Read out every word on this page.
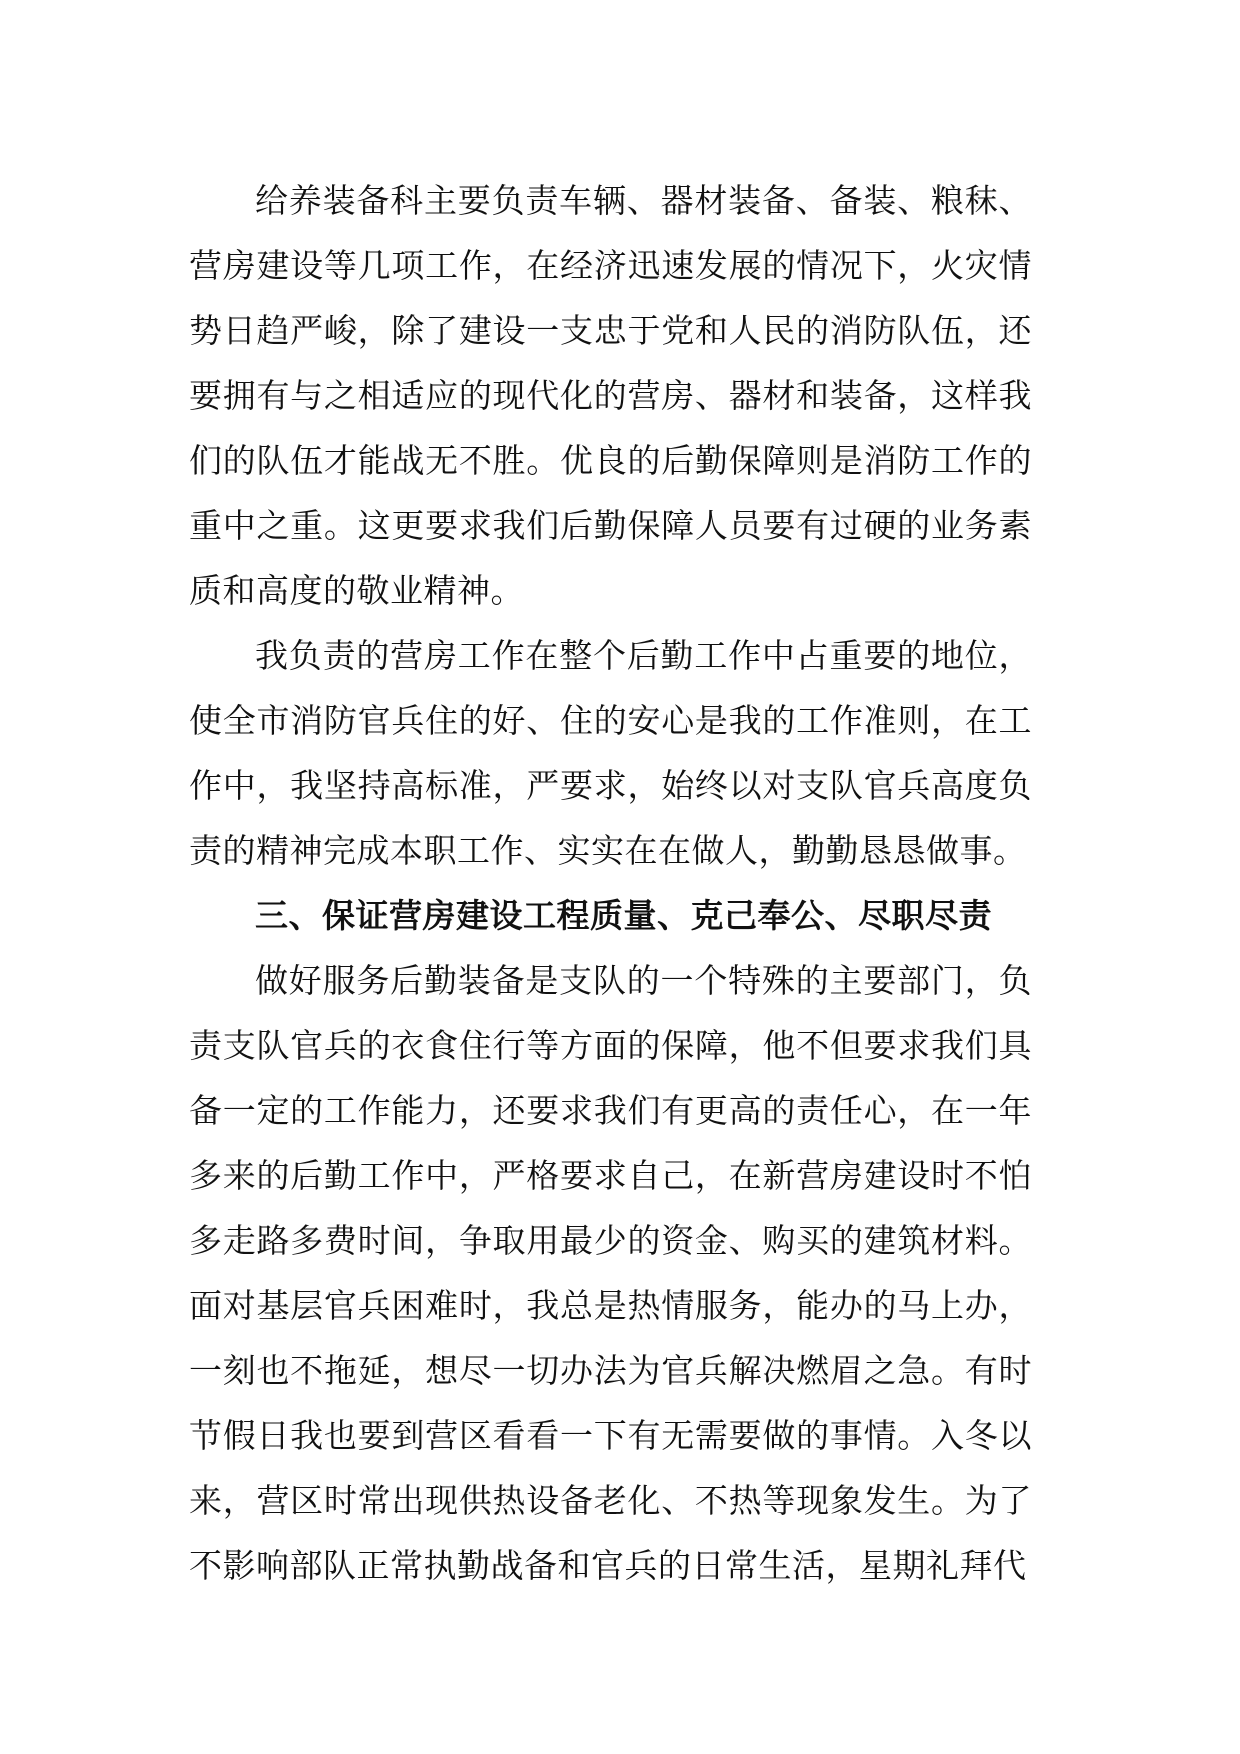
给养装备科主要负责车辆、器材装备、备装、粮秣、营房建设等几项工作，在经济迅速发展的情况下，火灾情势日趋严峻，除了建设一支忠于党和人民的消防队伍，还要拥有与之相适应的现代化的营房、器材和装备，这样我们的队伍才能战无不胜。优良的后勤保障则是消防工作的重中之重。这更要求我们后勤保障人员要有过硬的业务素质和高度的敬业精神。

我负责的营房工作在整个后勤工作中占重要的地位，使全市消防官兵住的好、住的安心是我的工作准则，在工作中，我坚持高标准，严要求，始终以对支队官兵高度负责的精神完成本职工作、实实在在做人，勤勤恳恳做事。

三、保证营房建设工程质量、克己奉公、尽职尽责

做好服务后勤装备是支队的一个特殊的主要部门，负责支队官兵的衣食住行等方面的保障，他不但要求我们具备一定的工作能力，还要求我们有更高的责任心，在一年多来的后勤工作中，严格要求自己，在新营房建设时不怕多走路多费时间，争取用最少的资金、购买的建筑材料。面对基层官兵困难时，我总是热情服务，能办的马上办，一刻也不拖延，想尽一切办法为官兵解决燃眉之急。有时节假日我也要到营区看看一下有无需要做的事情。入冬以来，营区时常出现供热设备老化、不热等现象发生。为了不影响部队正常执勤战备和官兵的日常生活，星期礼拜代
